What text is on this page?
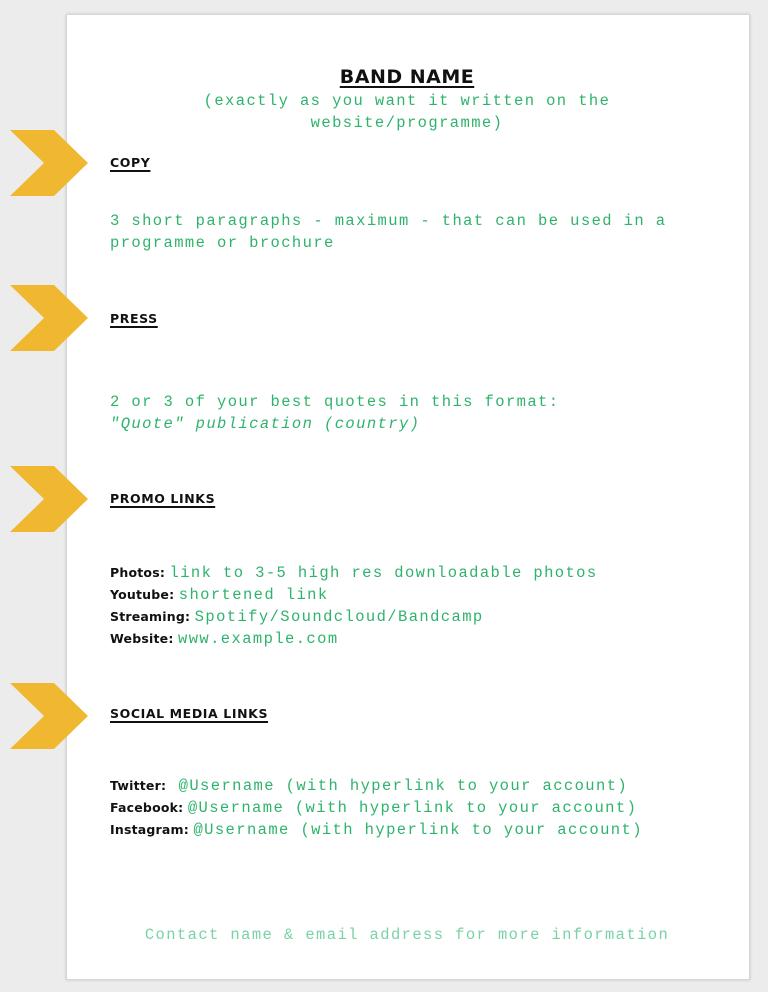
BAND NAME
(exactly as you want it written on the
website/programme)
COPY
3 short paragraphs - maximum - that can be used in a
programme or brochure
PRESS
2 or 3 of your best quotes in this format:
"Quote" publication (country)
PROMO LINKS
Photos: link to 3-5 high res downloadable photos
Youtube: shortened link
Streaming: Spotify/Soundcloud/Bandcamp
Website: www.example.com
SOCIAL MEDIA LINKS
Twitter: @Username (with hyperlink to your account)
Facebook: @Username (with hyperlink to your account)
Instagram: @Username (with hyperlink to your account)
Contact name & email address for more information
